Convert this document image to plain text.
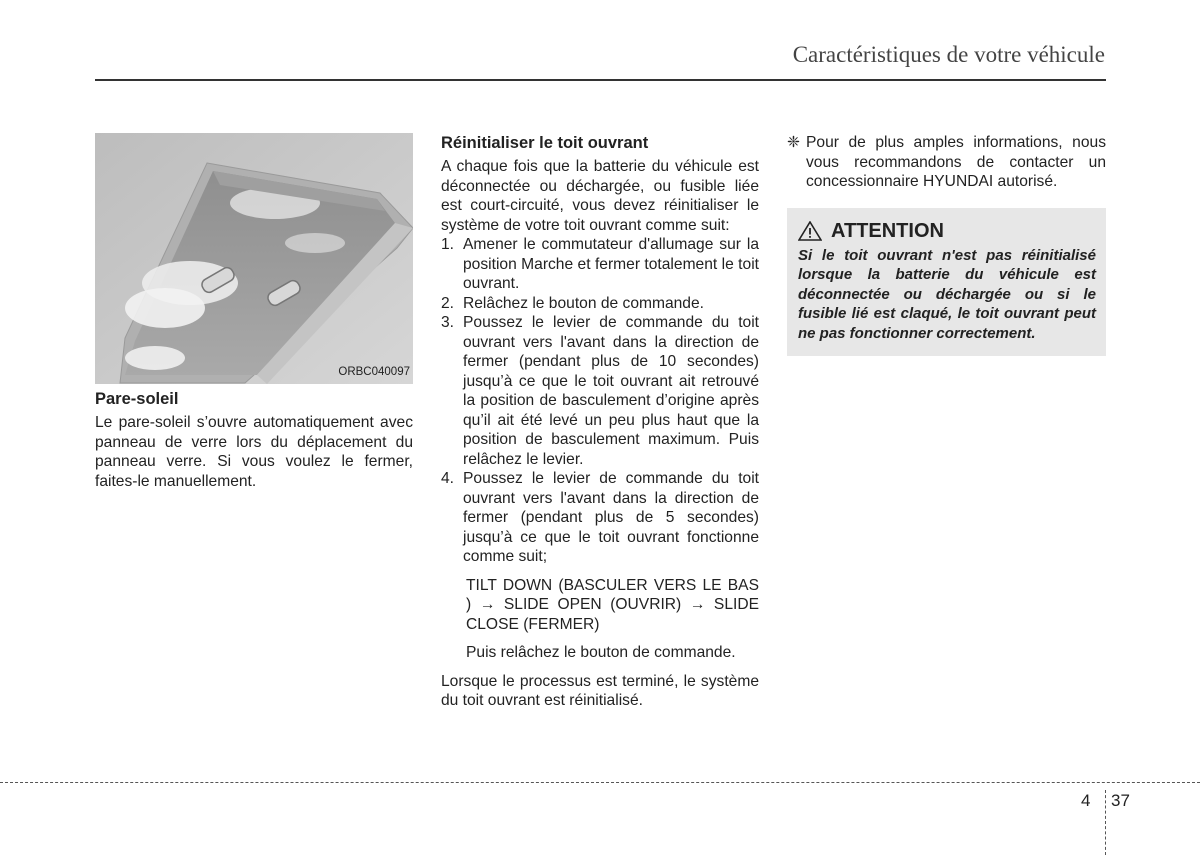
Caractéristiques de votre véhicule
ORBC040097
Pare-soleil

Le pare-soleil s’ouvre automatiquement avec panneau de verre lors du déplacement du panneau verre. Si vous voulez le fermer, faites-le manuellement.

Réinitialiser le toit ouvrant

A chaque fois que la batterie du véhicule est déconnectée ou déchargée, ou fusible liée est court-circuité, vous devez réinitialiser le système de votre toit ouvrant comme suit:

1. Amener le commutateur d'allumage sur la position Marche et fermer totalement le toit ouvrant.
2. Relâchez le bouton de commande.
3. Poussez le levier de commande du toit ouvrant vers l'avant dans la direction de fermer (pendant plus de 10 secondes) jusqu’à ce que le toit ouvrant ait retrouvé la position de basculement d’origine après qu’il ait été levé un peu plus haut que la position de basculement maximum. Puis relâchez le levier.
4. Poussez le levier de commande du toit ouvrant vers l'avant dans la direction de fermer (pendant plus de 5 secondes) jusqu’à ce que le toit ouvrant fonctionne comme suit;

TILT DOWN (BASCULER VERS LE BAS ) → SLIDE OPEN (OUVRIR) → SLIDE CLOSE (FERMER)

Puis relâchez le bouton de commande.

Lorsque le processus est terminé, le système du toit ouvrant est réinitialisé.

❈ Pour de plus amples informations, nous vous recommandons de contacter un concessionnaire HYUNDAI autorisé.
ATTENTION
Si le toit ouvrant n'est pas réinitialisé lorsque la batterie du véhicule est déconnectée ou déchargée ou si le fusible lié est claqué, le toit ouvrant peut ne pas fonctionner correctement.
4 37
